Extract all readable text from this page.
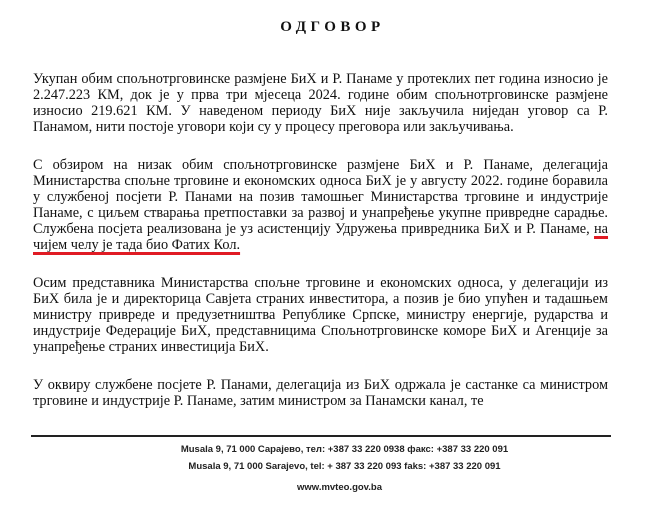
ОДГОВОР

Укупан обим спољнотрговинске размјене БиХ и Р. Панаме у протеклих пет година износио је 2.247.223 КМ, док је у прва три мјесеца 2024. године обим спољнотрговинске размјене износио 219.621 КМ. У наведеном периоду БиХ није закључила ниједан уговор са Р. Панамом, нити постоје уговори који су у процесу преговора или закључивања.

С обзиром на низак обим спољнотрговинске размјене БиХ и Р. Панаме, делегација Министарства спољне трговине и економских односа БиХ је у августу 2022. године боравила у службеној посјети Р. Панами на позив тамошњег Министарства трговине и индустрије Панаме, с циљем стварања претпоставки за развој и унапређење укупне привредне сарадње. Службена посјета реализована је уз асистенцију Удружења привредника БиХ и Р. Панаме, на чијем челу је тада био Фатих Кол.

Осим представника Министарства спољне трговине и економских односа, у делегацији из БиХ била је и директорица Савјета страних инвеститора, а позив је био упућен и тадашњем министру привреде и предузетништва Републике Српске, министру енергије, рударства и индустрије Федерације БиХ, представницима Спољнотрговинске коморе БиХ и Агенције за унапређење страних инвестиција БиХ.

У оквиру службене посјете Р. Панами, делегација из БиХ одржала је састанке са министром трговине и индустрије Р. Панаме, затим министром за Панамски канал, те

Musala 9, 71 000 Сарајево, тел: +387 33 220 0938 факс: +387 33 220 091
Musala 9, 71 000 Sarajevo, tel: + 387 33 220 093 faks: +387 33 220 091
www.mvteo.gov.ba
